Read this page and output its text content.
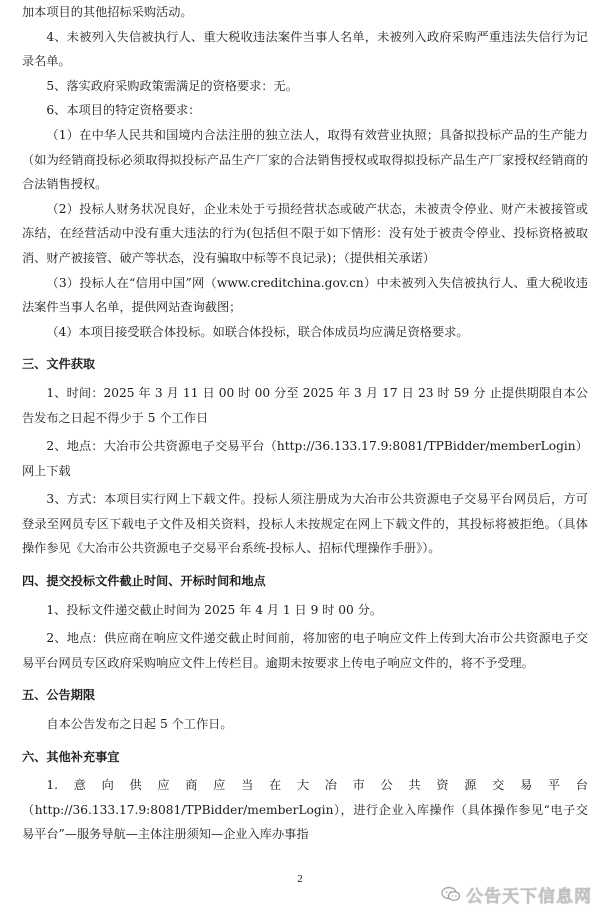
加本项目的其他招标采购活动。

4、未被列入失信被执行人、重大税收违法案件当事人名单，未被列入政府采购严重违法失信行为记录名单。

5、落实政府采购政策需满足的资格要求：无。

6、本项目的特定资格要求：

（1）在中华人民共和国境内合法注册的独立法人，取得有效营业执照；具备拟投标产品的生产能力（如为经销商投标必须取得拟投标产品生产厂家的合法销售授权或取得拟投标产品生产厂家授权经销商的合法销售授权。

（2）投标人财务状况良好，企业未处于亏损经营状态或破产状态，未被责令停业、财产未被接管或冻结，在经营活动中没有重大违法的行为(包括但不限于如下情形：没有处于被责令停业、投标资格被取消、财产被接管、破产等状态，没有骗取中标等不良记录)；（提供相关承诺）

（3）投标人在“信用中国”网（www.creditchina.gov.cn）中未被列入失信被执行人、重大税收违法案件当事人名单，提供网站查询截图；

（4）本项目接受联合体投标。如联合体投标，联合体成员均应满足资格要求。

三、文件获取

1、时间：2025 年 3 月 11 日 00 时 00 分至 2025 年 3 月 17 日 23 时 59 分 止提供期限自本公告发布之日起不得少于 5 个工作日

2、地点：大冶市公共资源电子交易平台（http://36.133.17.9:8081/TPBidder/memberLogin）网上下载

3、方式：本项目实行网上下载文件。投标人须注册成为大冶市公共资源电子交易平台网员后，方可登录至网员专区下载电子文件及相关资料，投标人未按规定在网上下载文件的，其投标将被拒绝。（具体操作参见《大冶市公共资源电子交易平台系统-投标人、招标代理操作手册》）。

四、提交投标文件截止时间、开标时间和地点

1、投标文件递交截止时间为 2025 年 4 月 1 日 9 时 00 分。

2、地点：供应商在响应文件递交截止时间前，将加密的电子响应文件上传到大冶市公共资源电子交易平台网员专区政府采购响应文件上传栏目。逾期未按要求上传电子响应文件的，将不予受理。

五、公告期限

自本公告发布之日起 5 个工作日。

六、其他补充事宜

1.意向供应商应当在大冶市公共资源交易平台（http://36.133.17.9:8081/TPBidder/memberLogin），进行企业入库操作（具体操作参见“电子交易平台”—服务导航—主体注册须知—企业入库办事指

2
公告天下信息网
